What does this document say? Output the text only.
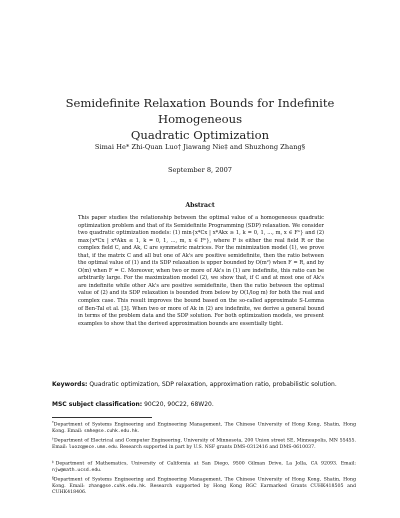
Semidefinite Relaxation Bounds for Indefinite Homogeneous
Quadratic Optimization
Simai He* Zhi-Quan Luo† Jiawang Nie‡ and Shuzhong Zhang§
September 8, 2007
Abstract

This paper studies the relationship between the optimal value of a homogeneous quadratic optimization problem and that of its Semidefinite Programming (SDP) relaxation. We consider two quadratic optimization models: (1) min{x*Cx | x*Akx ≥ 1, k = 0, 1, ..., m, x ∈ Fⁿ} and (2) max{x*Cx | x*Akx ≤ 1, k = 0, 1, ..., m, x ∈ Fⁿ}, where F is either the real field R or the complex field C, and Ak, C are symmetric matrices. For the minimization model (1), we prove that, if the matrix C and all but one of Ak's are positive semidefinite, then the ratio between the optimal value of (1) and its SDP relaxation is upper bounded by O(m²) when F = R, and by O(m) when F = C. Moreover, when two or more of Ak's in (1) are indefinite, this ratio can be arbitrarily large. For the maximization model (2), we show that, if C and at most one of Ak's are indefinite while other Ak's are positive semidefinite, then the ratio between the optimal value of (2) and its SDP relaxation is bounded from below by O(1/log m) for both the real and complex case. This result improves the bound based on the so-called approximate S-Lemma of Ben-Tal et al. [3]. When two or more of Ak in (2) are indefinite, we derive a general bound in terms of the problem data and the SDP solution. For both optimization models, we present examples to show that the derived approximation bounds are essentially tight.

Keywords: Quadratic optimization, SDP relaxation, approximation ratio, probabilistic solution.
MSC subject classification: 90C20, 90C22, 68W20.
*Department of Systems Engineering and Engineering Management, The Chinese University of Hong Kong, Shatin, Hong Kong. Email: smhe@se.cuhk.edu.hk.
†Department of Electrical and Computer Engineering, University of Minnesota, 200 Union street SE, Minneapolis, MN 55455. Email: luozq@ece.umn.edu. Research supported in part by U.S. NSF grants DMS-0312416 and DMS-0610037.
‡Department of Mathematics, University of California at San Diego, 9500 Gilman Drive, La Jolla, CA 92093. Email: njw@math.ucsd.edu.
§Department of Systems Engineering and Engineering Management, The Chinese University of Hong Kong, Shatin, Hong Kong. Email: zhang@se.cuhk.edu.hk. Research supported by Hong Kong RGC Earmarked Grants CUHK418505 and CUHK418406.
